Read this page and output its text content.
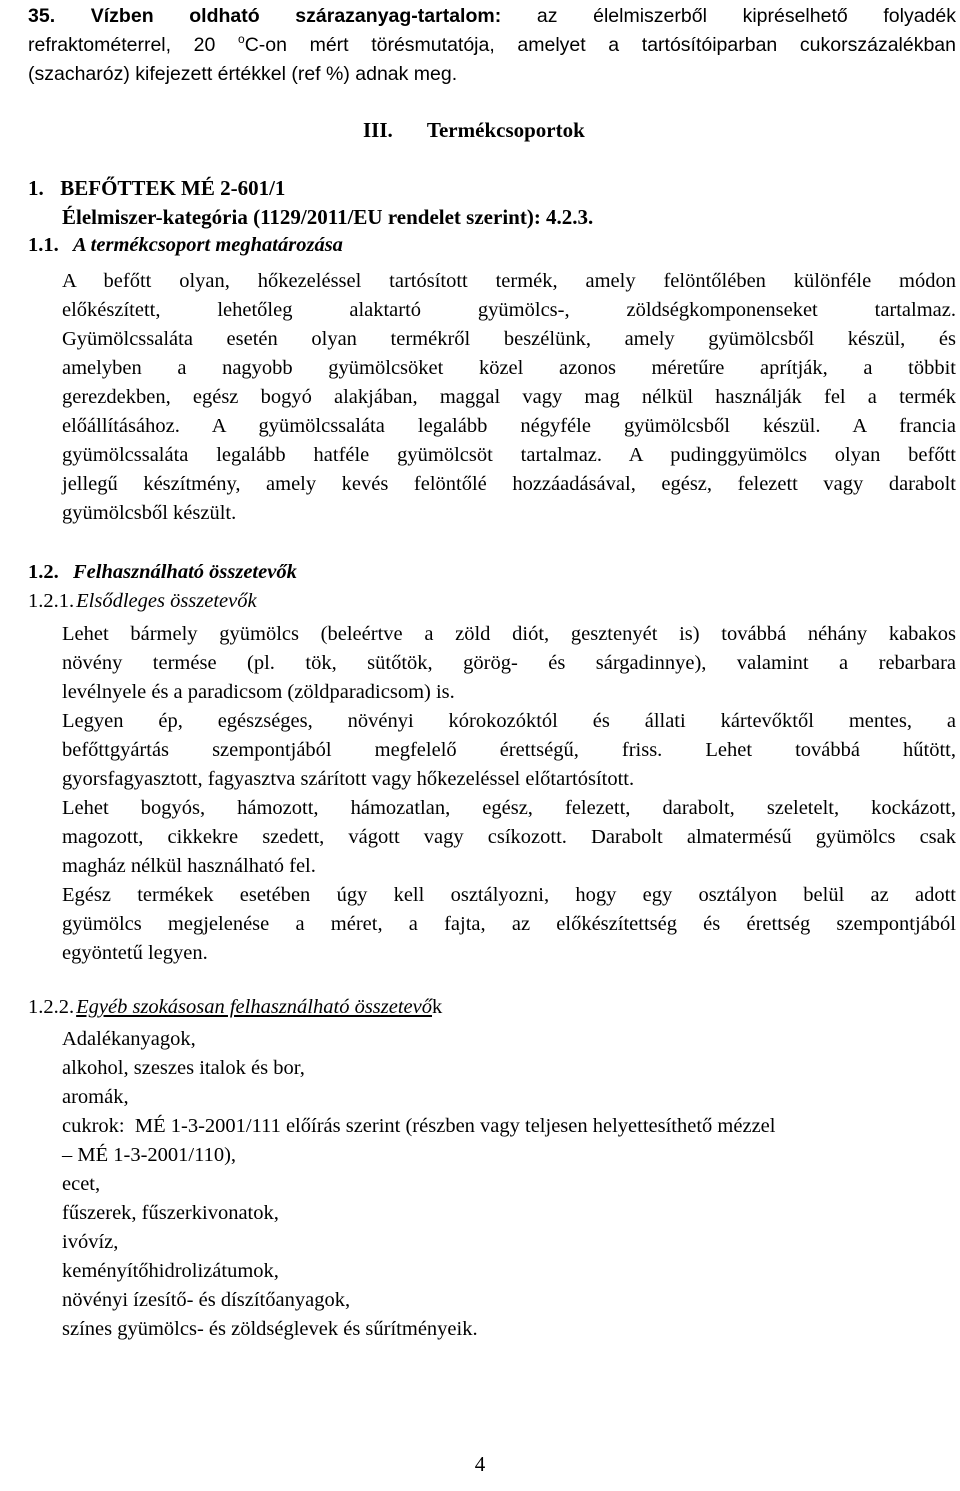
35. Vízben oldható szárazanyag-tartalom: az élelmiszerből kipréselhető folyadék
refraktométerrel, 20 $^o$C-on mért törésmutatója, amelyet a tartósítóiparban cukorszázalékban
(szacharóz) kifejezett értékkel (ref %) adnak meg.
III. Termékcsoportok
1. BEFŐTTEK MÉ 2-601/1
Élelmiszer-kategória (1129/2011/EU rendelet szerint): 4.2.3.
1.1. A termékcsoport meghatározása
A befőtt olyan, hőkezeléssel tartósított termék, amely felöntőlében különféle módon
előkészített, lehetőleg alaktartó gyümölcs-, zöldségkomponenseket tartalmaz.
Gyümölcssaláta esetén olyan termékről beszélünk, amely gyümölcsből készül, és
amelyben a nagyobb gyümölcsöket közel azonos méretűre aprítják, a többit
gerezdekben, egész bogyó alakjában, maggal vagy mag nélkül használják fel a termék
előállításához. A gyümölcssaláta legalább négyféle gyümölcsből készül. A francia
gyümölcssaláta legalább hatféle gyümölcsöt tartalmaz. A pudinggyümölcs olyan befőtt
jellegű készítmény, amely kevés felöntőlé hozzáadásával, egész, felezett vagy darabolt
gyümölcsből készült.
1.2. Felhasználható összetevők
1.2.1.Elsődleges összetevők
Lehet bármely gyümölcs (beleértve a zöld diót, gesztenyét is) továbbá néhány kabakos
növény termése (pl. tök, sütőtök, görög- és sárgadinnye), valamint a rebarbara
levélnyele és a paradicsom (zöldparadicsom) is.
Legyen ép, egészséges, növényi kórokozóktól és állati kártevőktől mentes, a
befőttgyártás szempontjából megfelelő érettségű, friss. Lehet továbbá hűtött,
gyorsfagyasztott, fagyasztva szárított vagy hőkezeléssel előtartósított.
Lehet bogyós, hámozott, hámozatlan, egész, felezett, darabolt, szeletelt, kockázott,
magozott, cikkekre szedett, vágott vagy csíkozott. Darabolt almatermésű gyümölcs csak
magház nélkül használható fel.
Egész termékek esetében úgy kell osztályozni, hogy egy osztályon belül az adott
gyümölcs megjelenése a méret, a fajta, az előkészítettség és érettség szempontjából
egyöntetű legyen.
1.2.2.Egyéb szokásosan felhasználható összetevők
Adalékanyagok,
alkohol, szeszes italok és bor,
aromák,
cukrok:  MÉ 1-3-2001/111 előírás szerint (részben vagy teljesen helyettesíthető mézzel
– MÉ 1-3-2001/110),
ecet,
fűszerek, fűszerkivonatok,
ivóvíz,
keményítőhidrolizátumok,
növényi ízesítő- és díszítőanyagok,
színes gyümölcs- és zöldséglevek és sűrítményeik.
4
